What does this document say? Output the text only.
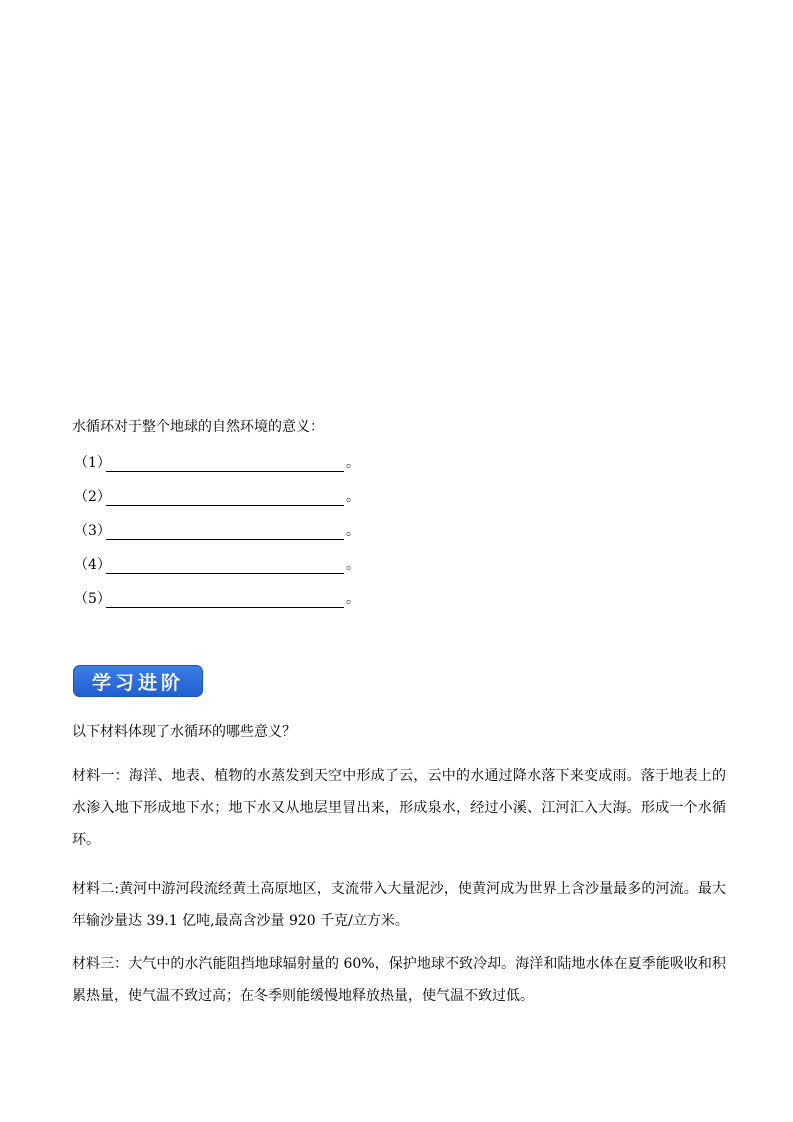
水循环对于整个地球的自然环境的意义：
（1）	。
（2）	。
（3）	。
（4）	。
（5）	。
学习进阶
以下材料体现了水循环的哪些意义？
材料一：海洋、地表、植物的水蒸发到天空中形成了云，云中的水通过降水落下来变成雨。落于地表上的水渗入地下形成地下水；地下水又从地层里冒出来，形成泉水，经过小溪、江河汇入大海。形成一个水循环。
材料二:黄河中游河段流经黄土高原地区，支流带入大量泥沙，使黄河成为世界上含沙量最多的河流。最大年输沙量达 39.1 亿吨,最高含沙量 920 千克/立方米。
材料三：大气中的水汽能阻挡地球辐射量的 60%，保护地球不致冷却。海洋和陆地水体在夏季能吸收和积累热量，使气温不致过高；在冬季则能缓慢地释放热量，使气温不致过低。
